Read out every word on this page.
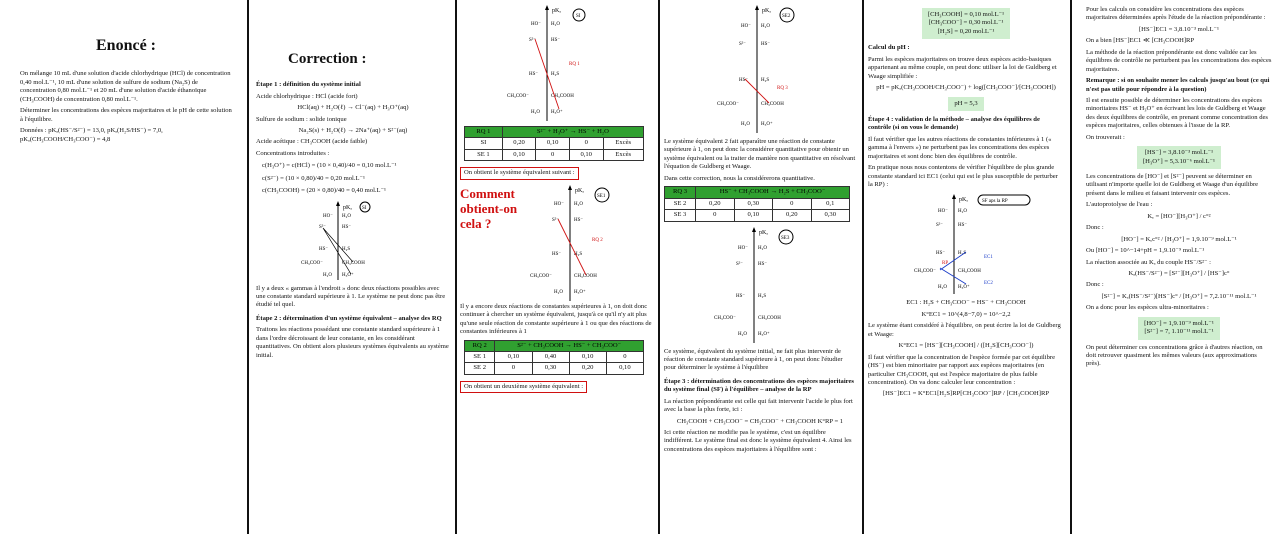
Enoncé :

On mélange 10 mL d'une solution d'acide chlorhydrique (HCl) de concentration 0,40 mol.L⁻¹, 10 mL d'une solution de sulfure de sodium (Na₂S) de concentration 0,80 mol.L⁻¹ et 20 mL d'une solution d'acide éthanoïque (CH₃COOH) de concentration 0,80 mol.L⁻¹.

Déterminer les concentrations des espèces majoritaires et le pH de cette solution à l'équilibre.

Données : pKₐ(HS⁻/S²⁻) = 13,0, pKₐ(H₂S/HS⁻) = 7,0, pKₐ(CH₃COOH/CH₃COO⁻) = 4,8

Correction :
Étape 1 : définition du système initial

Acide chlorhydrique : HCl (acide fort)

HCl(aq) + H₂O(ℓ) → Cl⁻(aq) + H₃O⁺(aq)

Sulfure de sodium : solide ionique

Na₂S(s) + H₂O(ℓ) → 2Na⁺(aq) + S²⁻(aq)

Acide acétique : CH₃COOH (acide faible)

Concentrations introduites :

c(H₃O⁺) = c(HCl) = (10 × 0,40)/40 = 0,10 mol.L⁻¹

c(S²⁻) = (10 × 0,80)/40 = 0,20 mol.L⁻¹

c(CH₃COOH) = (20 × 0,80)/40 = 0,40 mol.L⁻¹

pKₐ SI
HO⁻ H₂O
S²⁻	HS⁻
HS⁻	H₂S
CH₃COO⁻	CH₃COOH
H₂O H₃O⁺

Il y a deux « gammas à l'endroit » donc deux réactions possibles avec une constante standard supérieure à 1. Le système ne peut donc pas être étudié tel quel.

Étape 2 : détermination d'un système équivalent – analyse des RQ

Traitons les réactions possédant une constante standard supérieure à 1 dans l'ordre décroissant de leur constante, en les considérant quantitatives. On obtient alors plusieurs systèmes équivalents au système initial.

pKₐ
SI
HO⁻ H₂O
S²⁻	HS⁻
HS⁻	H₂S
CH₃COO⁻	CH₃COOH
H₂O H₃O⁺
RQ 1
RQ 1	S²⁻ + H₃O⁺ → HS⁻ + H₂O			
SI	0,20	0,10	0	Excès
SE 1	0,10	0	0,10	Excès
On obtient le système équivalent suivant :
Comment obtient-on cela ?
pKₐ
SE1
HO⁻ H₂O
S²⁻	HS⁻
HS⁻	H₂S
CH₃COO⁻	CH₃COOH
H₂O H₃O⁺
RQ 2

Il y a encore deux réactions de constantes supérieures à 1, on doit donc continuer à chercher un système équivalent, jusqu'à ce qu'il n'y ait plus qu'une seule réaction de constante supérieure à 1 ou que des réactions de constantes inférieures à 1

RQ 2	S²⁻ + CH₃COOH → HS⁻ + CH₃COO⁻			
SE 1	0,10	0,40	0,10	0
SE 2	0	0,30	0,20	0,10
On obtient un deuxième système équivalent :
pKₐ
SE2
HO⁻ H₂O
S²⁻	HS⁻
HS⁻	H₂S
CH₃COO⁻	CH₃COOH
H₂O H₃O⁺
RQ 3

Le système équivalent 2 fait apparaître une réaction de constante supérieure à 1, on peut donc la considérer quantitative pour obtenir un système équivalent ou la traiter de manière non quantitative en résolvant l'équation de Guldberg et Waage.

Dans cette correction, nous la considérerons quantitative.

RQ 3	HS⁻ + CH₃COOH → H₂S + CH₃COO⁻			
SE 2	0,20	0,30	0	0,1
SE 3	0	0,10	0,20	0,30
pKₐ
SE3
HO⁻ H₂O
S²⁻	HS⁻
HS⁻	H₂S
CH₃COO⁻	CH₃COOH
H₂O H₃O⁺

Ce système, équivalent du système initial, ne fait plus intervenir de réaction de constante standard supérieure à 1, on peut donc l'étudier pour déterminer le système à l'équilibre

Étape 3 : détermination des concentrations des espèces majoritaires du système final (SF) à l'équilibre – analyse de la RP

La réaction prépondérante est celle qui fait intervenir l'acide le plus fort avec la base la plus forte, ici :

CH₃COOH + CH₃COO⁻ = CH₃COO⁻ + CH₃COOH K°RP = 1

Ici cette réaction ne modifie pas le système, c'est un équilibre indifférent. Le système final est donc le système équivalent 4. Ainsi les concentrations des espèces majoritaires à l'équilibre sont :

[CH₃COOH] = 0,10 mol.L⁻¹
[CH₃COO⁻] = 0,30 mol.L⁻¹
[H₂S] = 0,20 mol.L⁻¹
Calcul du pH :

Parmi les espèces majoritaires on trouve deux espèces acido-basiques appartenant au même couple, on peut donc utiliser la loi de Guldberg et Waage simplifiée :

pH = pKₐ(CH₃COOH/CH₃COO⁻) + log([CH₃COO⁻]/[CH₃COOH])

pH = 5,3
Étape 4 : validation de la méthode – analyse des équilibres de contrôle (si on vous le demande)

Il faut vérifier que les autres réactions de constantes inférieures à 1 (« gamma à l'envers ») ne perturbent pas les concentrations des espèces majoritaires et sont donc bien des équilibres de contrôle.

En pratique nous nous contentons de vérifier l'équilibre de plus grande constante standard ici EC1 (celui qui est le plus susceptible de perturber la RP) :

pKₐ	SF aps la RP
HO⁻ H₂O
S²⁻	HS⁻
HS⁻	H₂S
CH₃COO⁻	CH₃COOH
H₂O H₃O⁺
EC1
EC2
RP

EC1 : H₂S + CH₃COO⁻ = HS⁻ + CH₃COOH

K°EC1 = 10^(4,8−7,0) = 10^−2,2

Le système étant considéré à l'équilibre, on peut écrire la loi de Guldberg et Waage:

K°EC1 = [HS⁻][CH₃COOH] / ([H₂S][CH₃COO⁻])

Il faut vérifier que la concentration de l'espèce formée par cet équilibre (HS⁻) est bien minoritaire par rapport aux espèces majoritaires (en particulier CH₃COOH, qui est l'espèce majoritaire de plus faible concentration). On va donc calculer leur concentration :

[HS⁻]EC1 = K°EC1[H₂S]RP[CH₃COO⁻]RP / [CH₃COOH]RP

Pour les calculs on considère les concentrations des espèces majoritaires déterminées après l'étude de la réaction prépondérante :

[HS⁻]EC1 = 3,8.10⁻³ mol.L⁻¹

On a bien [HS⁻]EC1 ≪ [CH₃COOH]RP

La méthode de la réaction prépondérante est donc validée car les équilibres de contrôle ne perturbent pas les concentrations des espèces majoritaires.

Remarque : si on souhaite mener les calculs jusqu'au bout (ce qui n'est pas utile pour répondre à la question)

Il est ensuite possible de déterminer les concentrations des espèces minoritaires HS⁻ et H₃O⁺ en écrivant les lois de Guldberg et Waage des deux équilibres de contrôle, en prenant comme concentration des espèces majoritaires, celles obtenues à l'issue de la RP.

On trouverait :

[HS⁻] = 3,8.10⁻³ mol.L⁻¹
[H₃O⁺] = 5,3.10⁻⁶ mol.L⁻¹

Les concentrations de [HO⁻] et [S²⁻] peuvent se déterminer en utilisant n'importe quelle loi de Guldberg et Waage d'un équilibre présent dans le milieu et faisant intervenir ces espèces.

L'autoprotolyse de l'eau :

Kₑ = [HO⁻][H₃O⁺] / c°²

Donc :

[HO⁻] = Kₑc°² / [H₃O⁺] = 1,9.10⁻⁹ mol.L⁻¹

Ou [HO⁻] = 10^−14+pH = 1,9.10⁻⁹ mol.L⁻¹

La réaction associée au Kₐ du couple HS⁻/S²⁻ :

Kₐ(HS⁻/S²⁻) = [S²⁻][H₃O⁺] / [HS⁻]c°

Donc :

[S²⁻] = Kₐ(HS⁻/S²⁻)[HS⁻]c° / [H₃O⁺] = 7,2.10⁻¹¹ mol.L⁻¹

On a donc pour les espèces ultra-minoritaires :

[HO⁻] = 1,9.10⁻⁹ mol.L⁻¹
[S²⁻] = 7, 1.10⁻¹¹ mol.L⁻¹

On peut déterminer ces concentrations grâce à d'autres réaction, on doit retrouver quasiment les mêmes valeurs (aux approximations près).
